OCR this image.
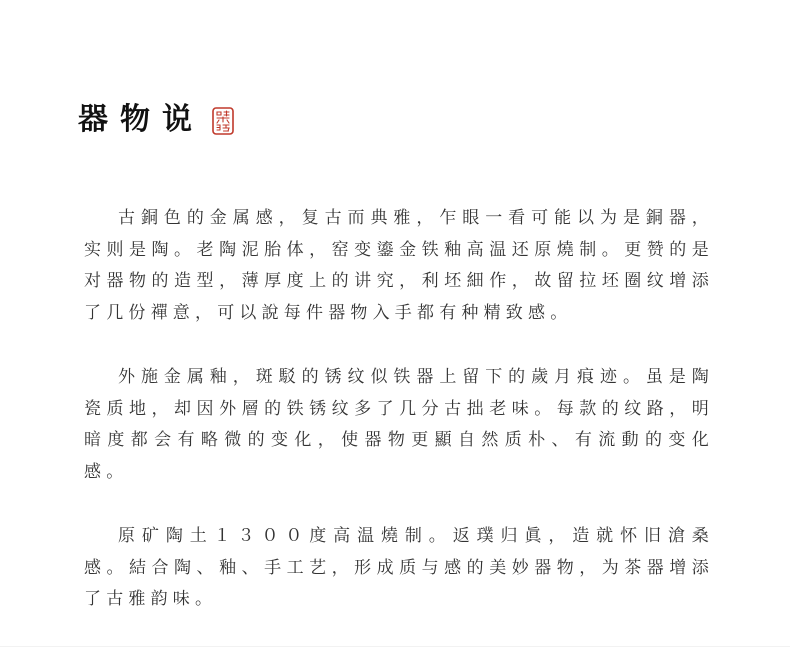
器物说

古銅色的金属感，复古而典雅，乍眼一看可能以为是銅器，实则是陶。老陶泥胎体，窑变鎏金铁釉高温还原燒制。更赞的是对器物的造型，薄厚度上的讲究，利坯細作，故留拉坯圈纹增添了几份禪意，可以說每件器物入手都有种精致感。

外施金属釉，斑駁的锈纹似铁器上留下的歲月痕迹。虽是陶瓷质地，却因外層的铁锈纹多了几分古拙老味。每款的纹路，明暗度都会有略微的变化，使器物更顯自然质朴、有流動的变化感。

原矿陶土１３００度高温燒制。返璞归眞，造就怀旧滄桑感。結合陶、釉、手工艺，形成质与感的美妙器物，为茶器增添了古雅韵味。
